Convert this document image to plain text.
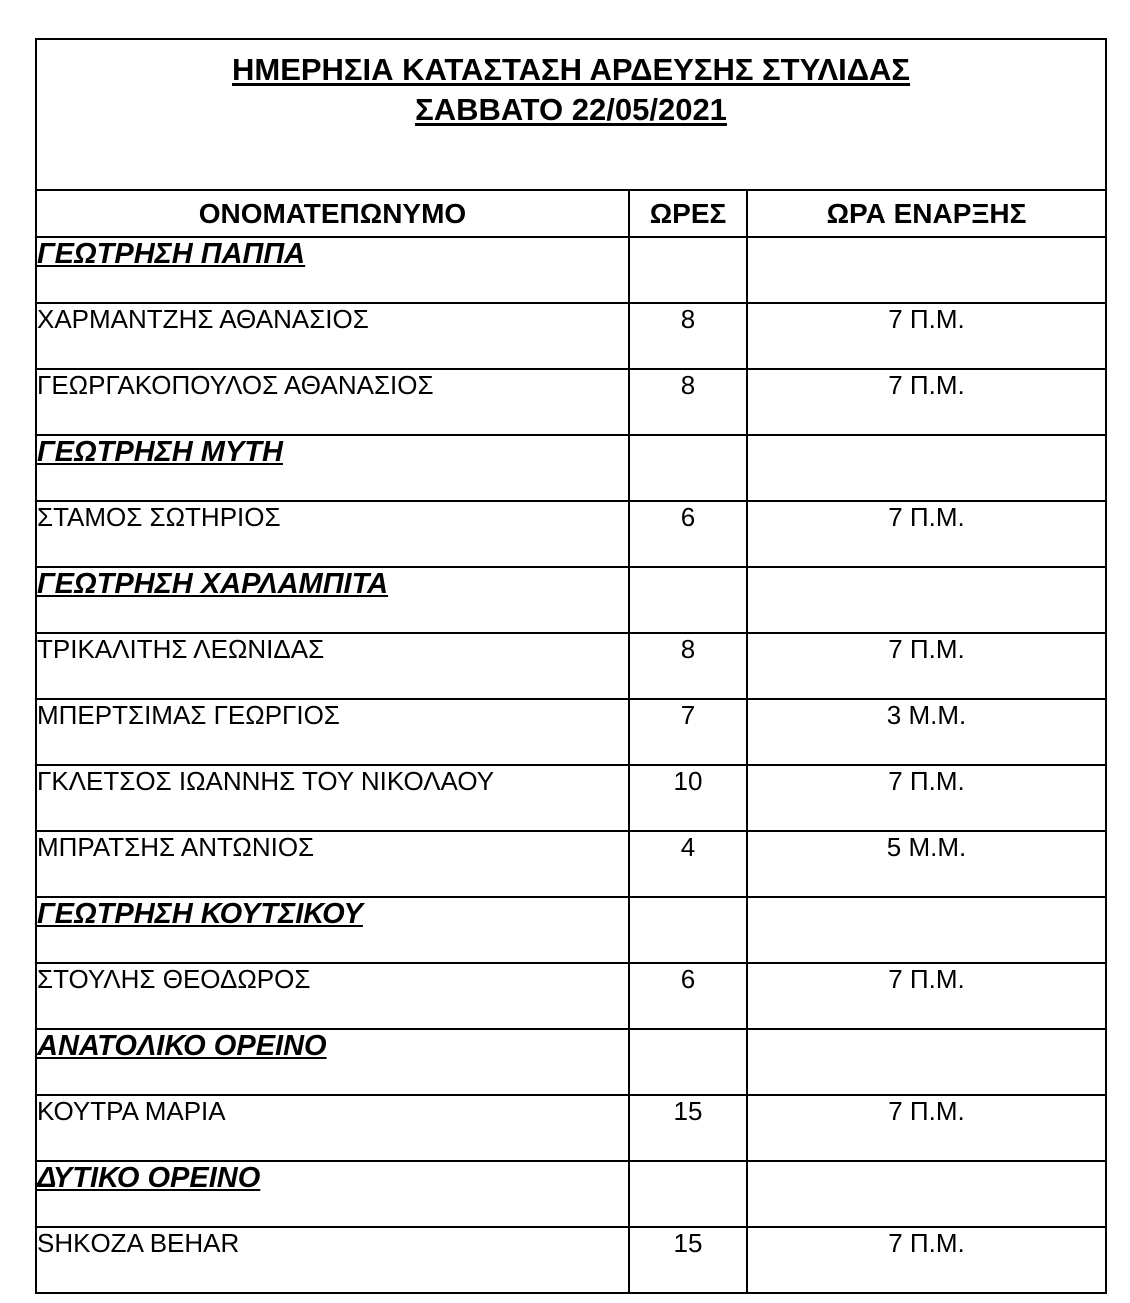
ΗΜΕΡΗΣΙΑ ΚΑΤΑΣΤΑΣΗ ΑΡΔΕΥΣΗΣ ΣΤΥΛΙΔΑΣ
ΣΑΒΒΑΤΟ 22/05/2021		

ΟΝΟΜΑΤΕΠΩΝΥΜΟ	ΩΡΕΣ	ΩΡΑ ΕΝΑΡΞΗΣ
ΓΕΩΤΡΗΣΗ ΠΑΠΠΑ		
ΧΑΡΜΑΝΤΖΗΣ ΑΘΑΝΑΣΙΟΣ	8	7 Π.Μ.
ΓΕΩΡΓΑΚΟΠΟΥΛΟΣ ΑΘΑΝΑΣΙΟΣ	8	7 Π.Μ.
ΓΕΩΤΡΗΣΗ ΜΥΤΗ		
ΣΤΑΜΟΣ ΣΩΤΗΡΙΟΣ	6	7 Π.Μ.
ΓΕΩΤΡΗΣΗ ΧΑΡΛΑΜΠΙΤΑ		
ΤΡΙΚΑΛΙΤΗΣ ΛΕΩΝΙΔΑΣ	8	7 Π.Μ.
ΜΠΕΡΤΣΙΜΑΣ ΓΕΩΡΓΙΟΣ	7	3 Μ.Μ.
ΓΚΛΕΤΣΟΣ ΙΩΑΝΝΗΣ ΤΟΥ ΝΙΚΟΛΑΟΥ	10	7 Π.Μ.
ΜΠΡΑΤΣΗΣ ΑΝΤΩΝΙΟΣ	4	5 Μ.Μ.
ΓΕΩΤΡΗΣΗ ΚΟΥΤΣΙΚΟΥ		
ΣΤΟΥΛΗΣ ΘΕΟΔΩΡΟΣ	6	7 Π.Μ.
ΑΝΑΤΟΛΙΚΟ ΟΡΕΙΝΟ		
ΚΟΥΤΡΑ ΜΑΡΙΑ	15	7 Π.Μ.
ΔΥΤΙΚΟ ΟΡΕΙΝΟ		
SHKOZA BEHAR	15	7 Π.Μ.
